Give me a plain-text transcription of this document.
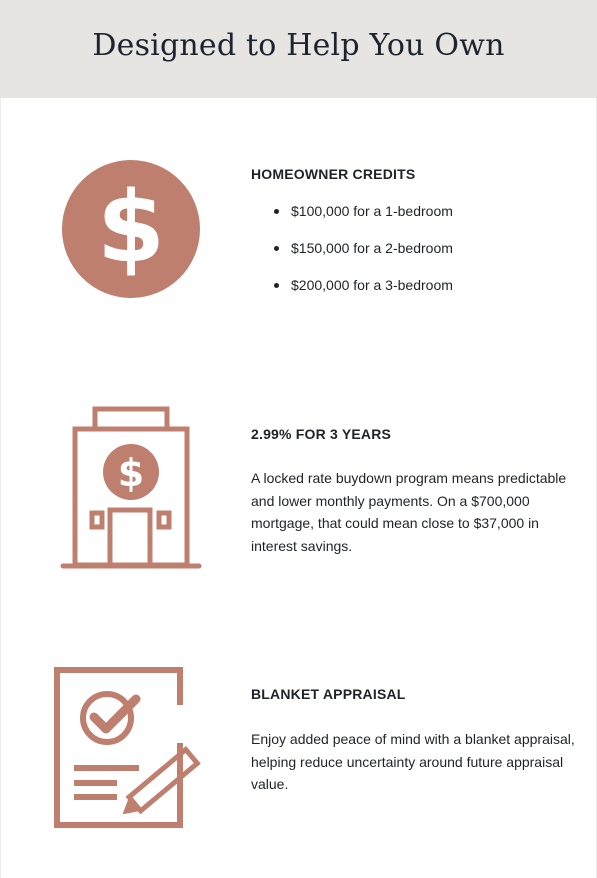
Designed to Help You Own
$	HOMEOWNER CREDITS
$100,000 for a 1-bedroom
$150,000 for a 2-bedroom
$200,000 for a 3-bedroom
$
2.99% FOR 3 YEARS

A locked rate buydown program means predictable and lower monthly payments. On a $700,000 mortgage, that could mean close to $37,000 in interest savings.

BLANKET APPRAISAL

Enjoy added peace of mind with a blanket appraisal, helping reduce uncertainty around future appraisal value.
